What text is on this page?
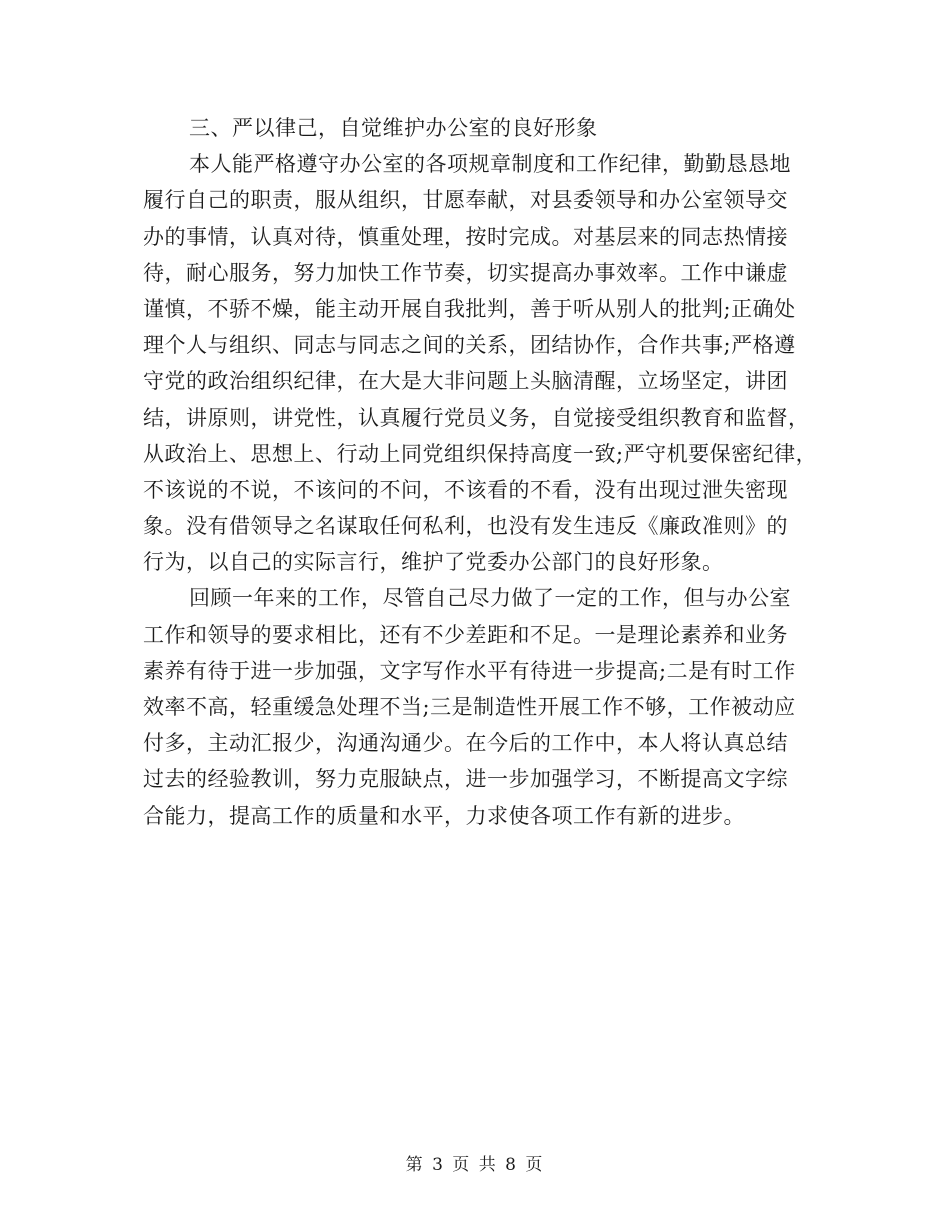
三、严以律己，自觉维护办公室的良好形象
本人能严格遵守办公室的各项规章制度和工作纪律，勤勤恳恳地
履行自己的职责，服从组织，甘愿奉献，对县委领导和办公室领导交
办的事情，认真对待，慎重处理，按时完成。对基层来的同志热情接
待，耐心服务，努力加快工作节奏，切实提高办事效率。工作中谦虚
谨慎，不骄不燥，能主动开展自我批判，善于听从别人的批判;正确处
理个人与组织、同志与同志之间的关系，团结协作，合作共事;严格遵
守党的政治组织纪律，在大是大非问题上头脑清醒，立场坚定，讲团
结，讲原则，讲党性，认真履行党员义务，自觉接受组织教育和监督，
从政治上、思想上、行动上同党组织保持高度一致;严守机要保密纪律，
不该说的不说，不该问的不问，不该看的不看，没有出现过泄失密现
象。没有借领导之名谋取任何私利，也没有发生违反《廉政准则》的
行为，以自己的实际言行，维护了党委办公部门的良好形象。
回顾一年来的工作，尽管自己尽力做了一定的工作，但与办公室
工作和领导的要求相比，还有不少差距和不足。一是理论素养和业务
素养有待于进一步加强，文字写作水平有待进一步提高;二是有时工作
效率不高，轻重缓急处理不当;三是制造性开展工作不够，工作被动应
付多，主动汇报少，沟通沟通少。在今后的工作中，本人将认真总结
过去的经验教训，努力克服缺点，进一步加强学习，不断提高文字综
合能力，提高工作的质量和水平，力求使各项工作有新的进步。
第 3 页 共 8 页
